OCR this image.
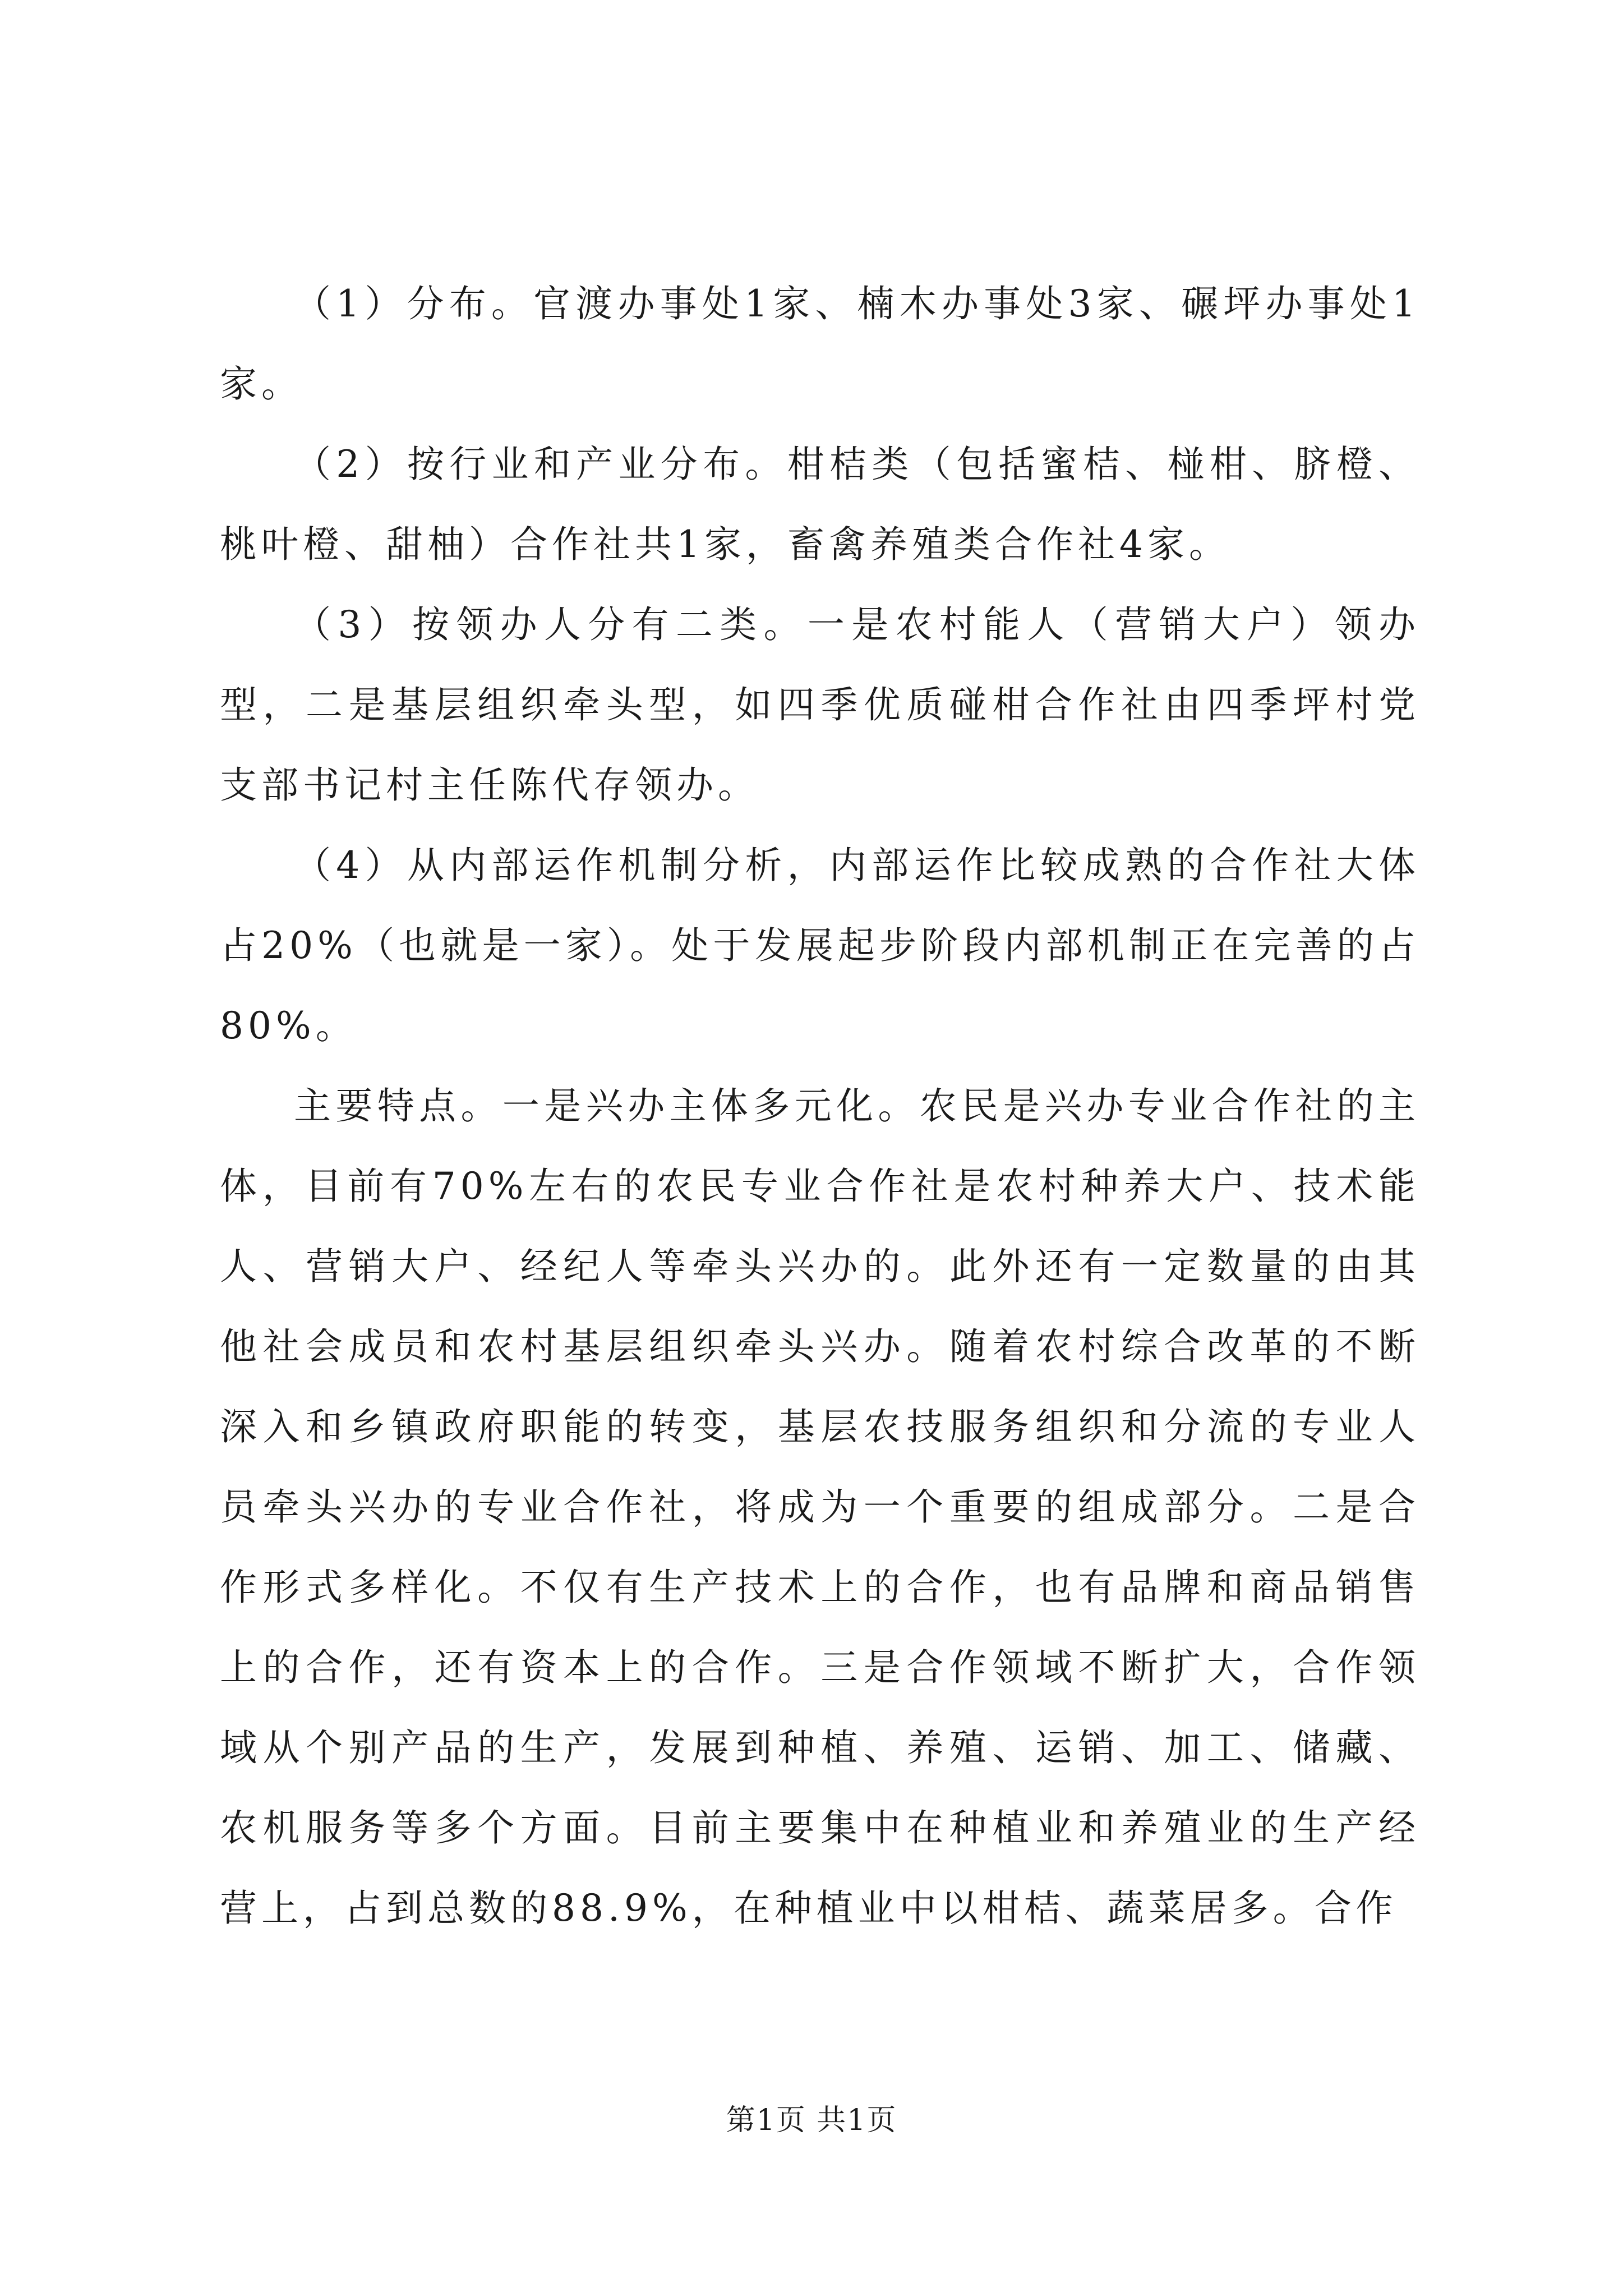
（1）分布。官渡办事处1家、楠木办事处3家、碾坪办事处1家。

（2）按行业和产业分布。柑桔类（包括蜜桔、椪柑、脐橙、桃叶橙、甜柚）合作社共1家，畜禽养殖类合作社4家。

（3）按领办人分有二类。一是农村能人（营销大户）领办型，二是基层组织牵头型，如四季优质碰柑合作社由四季坪村党支部书记村主任陈代存领办。

（4）从内部运作机制分析，内部运作比较成熟的合作社大体占20%（也就是一家）。处于发展起步阶段内部机制正在完善的占80%。

主要特点。一是兴办主体多元化。农民是兴办专业合作社的主体，目前有70%左右的农民专业合作社是农村种养大户、技术能人、营销大户、经纪人等牵头兴办的。此外还有一定数量的由其他社会成员和农村基层组织牵头兴办。随着农村综合改革的不断深入和乡镇政府职能的转变，基层农技服务组织和分流的专业人员牵头兴办的专业合作社，将成为一个重要的组成部分。二是合作形式多样化。不仅有生产技术上的合作，也有品牌和商品销售上的合作，还有资本上的合作。三是合作领域不断扩大，合作领域从个别产品的生产，发展到种植、养殖、运销、加工、储藏、农机服务等多个方面。目前主要集中在种植业和养殖业的生产经营上，占到总数的88.9%，在种植业中以柑桔、蔬菜居多。合作

第1页 共1页
